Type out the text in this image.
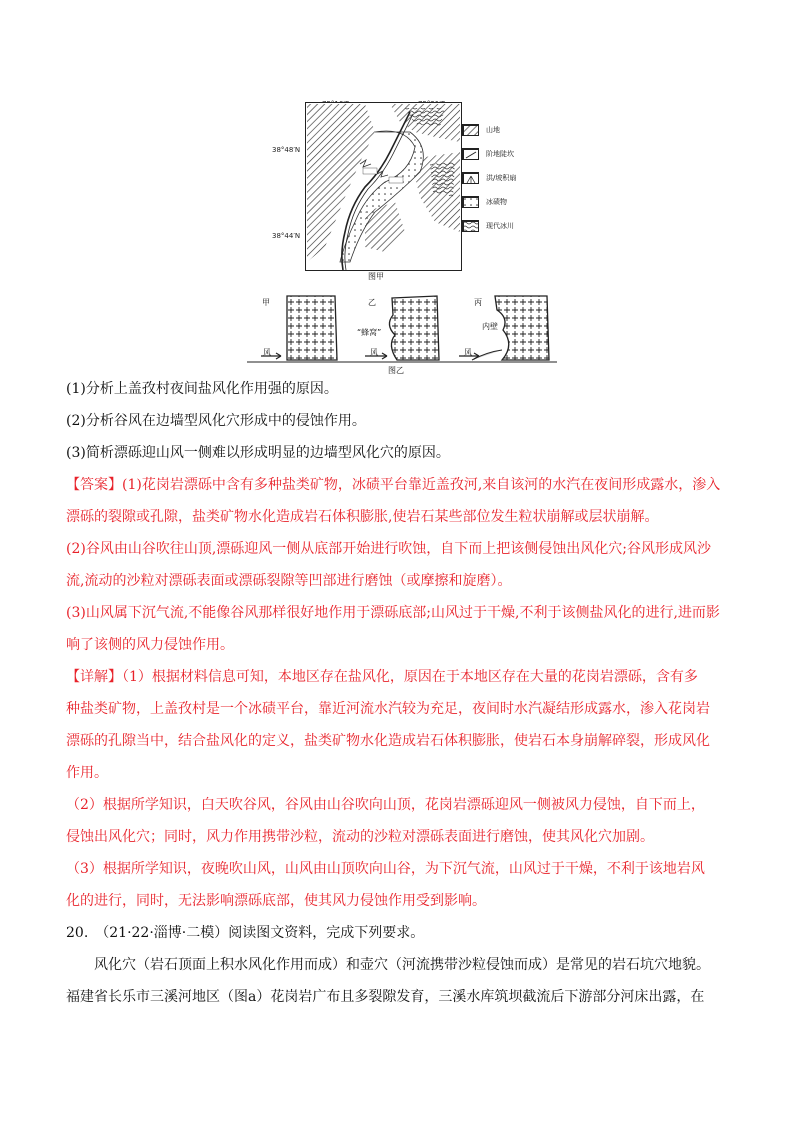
38°48′N
38°44′N
图甲
山地
阶地陡坎
洪/坡积扇
冰碛物
现代冰川
甲
风
乙
“蜂窝”
风
丙
内壁
风
图乙
(1)分析上盖孜村夜间盐风化作用强的原因。
(2)分析谷风在边墙型风化穴形成中的侵蚀作用。
(3)简析漂砾迎山风一侧难以形成明显的边墙型风化穴的原因。
【答案】(1)花岗岩漂砾中含有多种盐类矿物，冰碛平台靠近盖孜河,来自该河的水汽在夜间形成露水，渗入
漂砾的裂隙或孔隙，盐类矿物水化造成岩石体积膨胀,使岩石某些部位发生粒状崩解或层状崩解。
(2)谷风由山谷吹往山顶,漂砾迎风一侧从底部开始进行吹蚀，自下而上把该侧侵蚀出风化穴;谷风形成风沙
流,流动的沙粒对漂砾表面或漂砾裂隙等凹部进行磨蚀（或摩擦和旋磨）。
(3)山风属下沉气流,不能像谷风那样很好地作用于漂砾底部;山风过于干燥,不利于该侧盐风化的进行,进而影
响了该侧的风力侵蚀作用。
【详解】（1）根据材料信息可知，本地区存在盐风化，原因在于本地区存在大量的花岗岩漂砾，含有多
种盐类矿物，上盖孜村是一个冰碛平台，靠近河流水汽较为充足，夜间时水汽凝结形成露水，渗入花岗岩
漂砾的孔隙当中，结合盐风化的定义，盐类矿物水化造成岩石体积膨胀，使岩石本身崩解碎裂，形成风化
作用。
（2）根据所学知识，白天吹谷风，谷风由山谷吹向山顶，花岗岩漂砾迎风一侧被风力侵蚀，自下而上，
侵蚀出风化穴；同时，风力作用携带沙粒，流动的沙粒对漂砾表面进行磨蚀，使其风化穴加剧。
（3）根据所学知识，夜晚吹山风，山风由山顶吹向山谷，为下沉气流，山风过于干燥，不利于该地岩风
化的进行，同时，无法影响漂砾底部，使其风力侵蚀作用受到影响。
20.　（21·22·淄博·二模）阅读图文资料，完成下列要求。
　　风化穴（岩石顶面上积水风化作用而成）和壶穴（河流携带沙粒侵蚀而成）是常见的岩石坑穴地貌。
福建省长乐市三溪河地区（图a）花岗岩广布且多裂隙发育，三溪水库筑坝截流后下游部分河床出露，在
